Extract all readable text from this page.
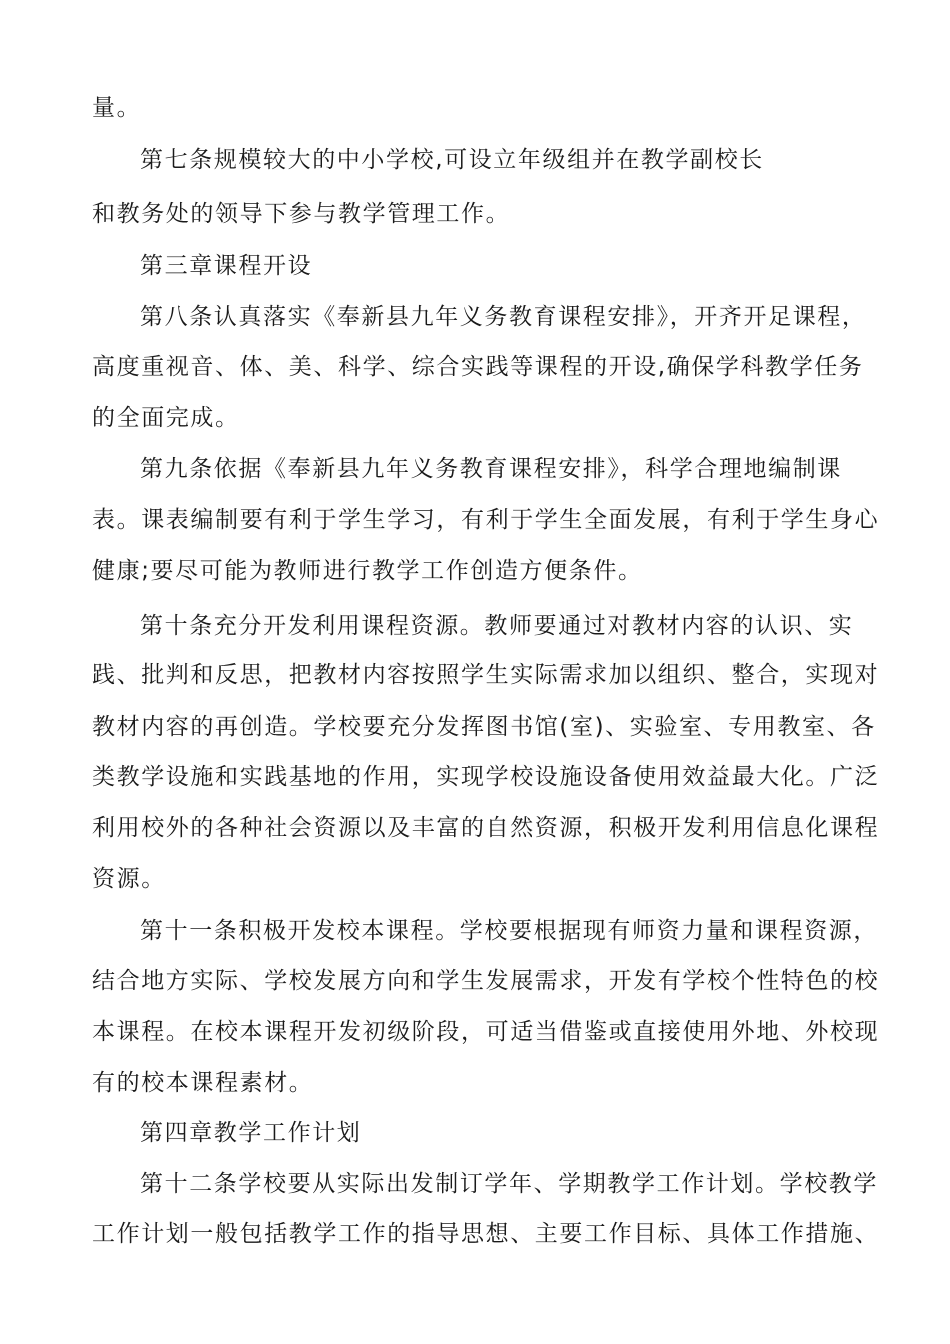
量。
第七条规模较大的中小学校,可设立年级组并在教学副校长
和教务处的领导下参与教学管理工作。
第三章课程开设
第八条认真落实《奉新县九年义务教育课程安排》，开齐开足课程，
高度重视音、体、美、科学、综合实践等课程的开设,确保学科教学任务
的全面完成。
第九条依据《奉新县九年义务教育课程安排》，科学合理地编制课
表。课表编制要有利于学生学习，有利于学生全面发展，有利于学生身心
健康;要尽可能为教师进行教学工作创造方便条件。
第十条充分开发利用课程资源。教师要通过对教材内容的认识、实
践、批判和反思，把教材内容按照学生实际需求加以组织、整合，实现对
教材内容的再创造。学校要充分发挥图书馆(室)、实验室、专用教室、各
类教学设施和实践基地的作用，实现学校设施设备使用效益最大化。广泛
利用校外的各种社会资源以及丰富的自然资源，积极开发利用信息化课程
资源。
第十一条积极开发校本课程。学校要根据现有师资力量和课程资源，
结合地方实际、学校发展方向和学生发展需求，开发有学校个性特色的校
本课程。在校本课程开发初级阶段，可适当借鉴或直接使用外地、外校现
有的校本课程素材。
第四章教学工作计划
第十二条学校要从实际出发制订学年、学期教学工作计划。学校教学
工作计划一般包括教学工作的指导思想、主要工作目标、具体工作措施、
